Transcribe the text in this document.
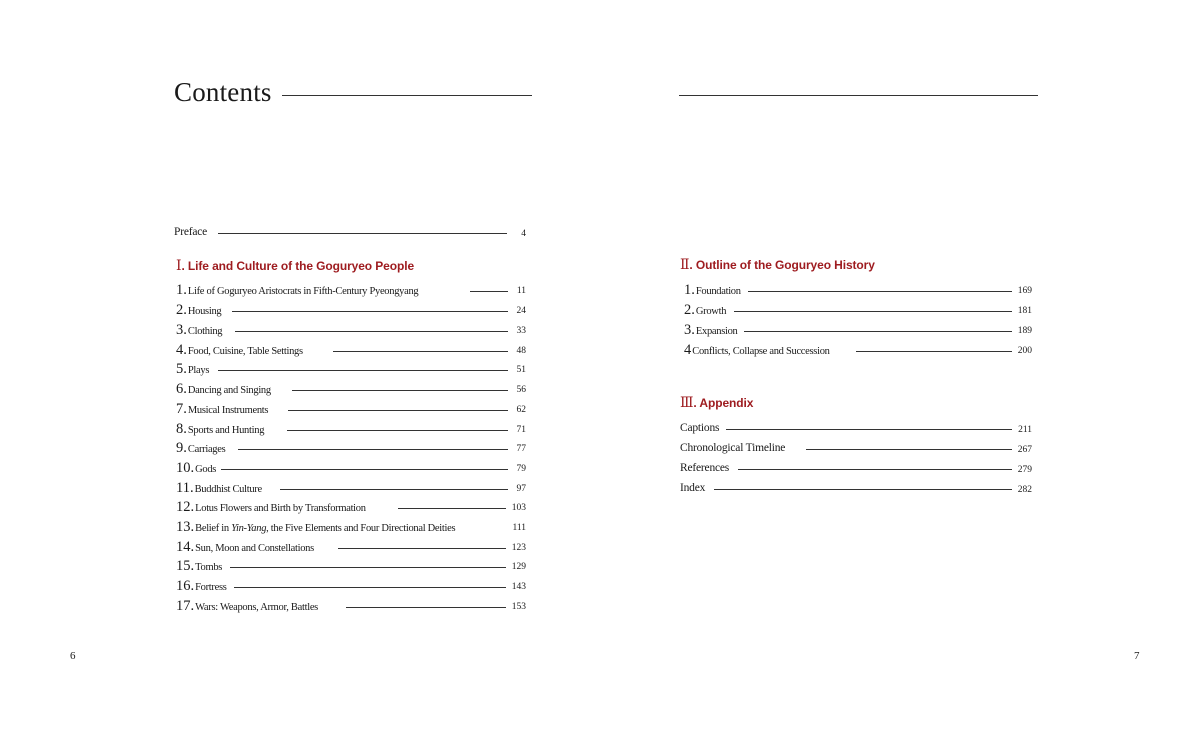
Contents
Preface	4
Ⅰ. Life and Culture of the Goguryeo People
1.Life of Goguryeo Aristocrats in Fifth-Century Pyeongyang	11
2.Housing	24
3.Clothing	33
4.Food, Cuisine, Table Settings	48
5.Plays	51
6.Dancing and Singing	56
7.Musical Instruments	62
8.Sports and Hunting	71
9.Carriages	77
10.Gods	79
11.Buddhist Culture	97
12.Lotus Flowers and Birth by Transformation	103
13.Belief in Yin-Yang, the Five Elements and Four Directional Deities	111
14.Sun, Moon and Constellations	123
15.Tombs	129
16.Fortress	143
17.Wars: Weapons, Armor, Battles	153
6
Ⅱ. Outline of the Goguryeo History
1.Foundation	169
2.Growth	181
3.Expansion	189
4Conflicts, Collapse and Succession	200
Ⅲ. Appendix
Captions	211
Chronological Timeline	267
References	279
Index	282
7
